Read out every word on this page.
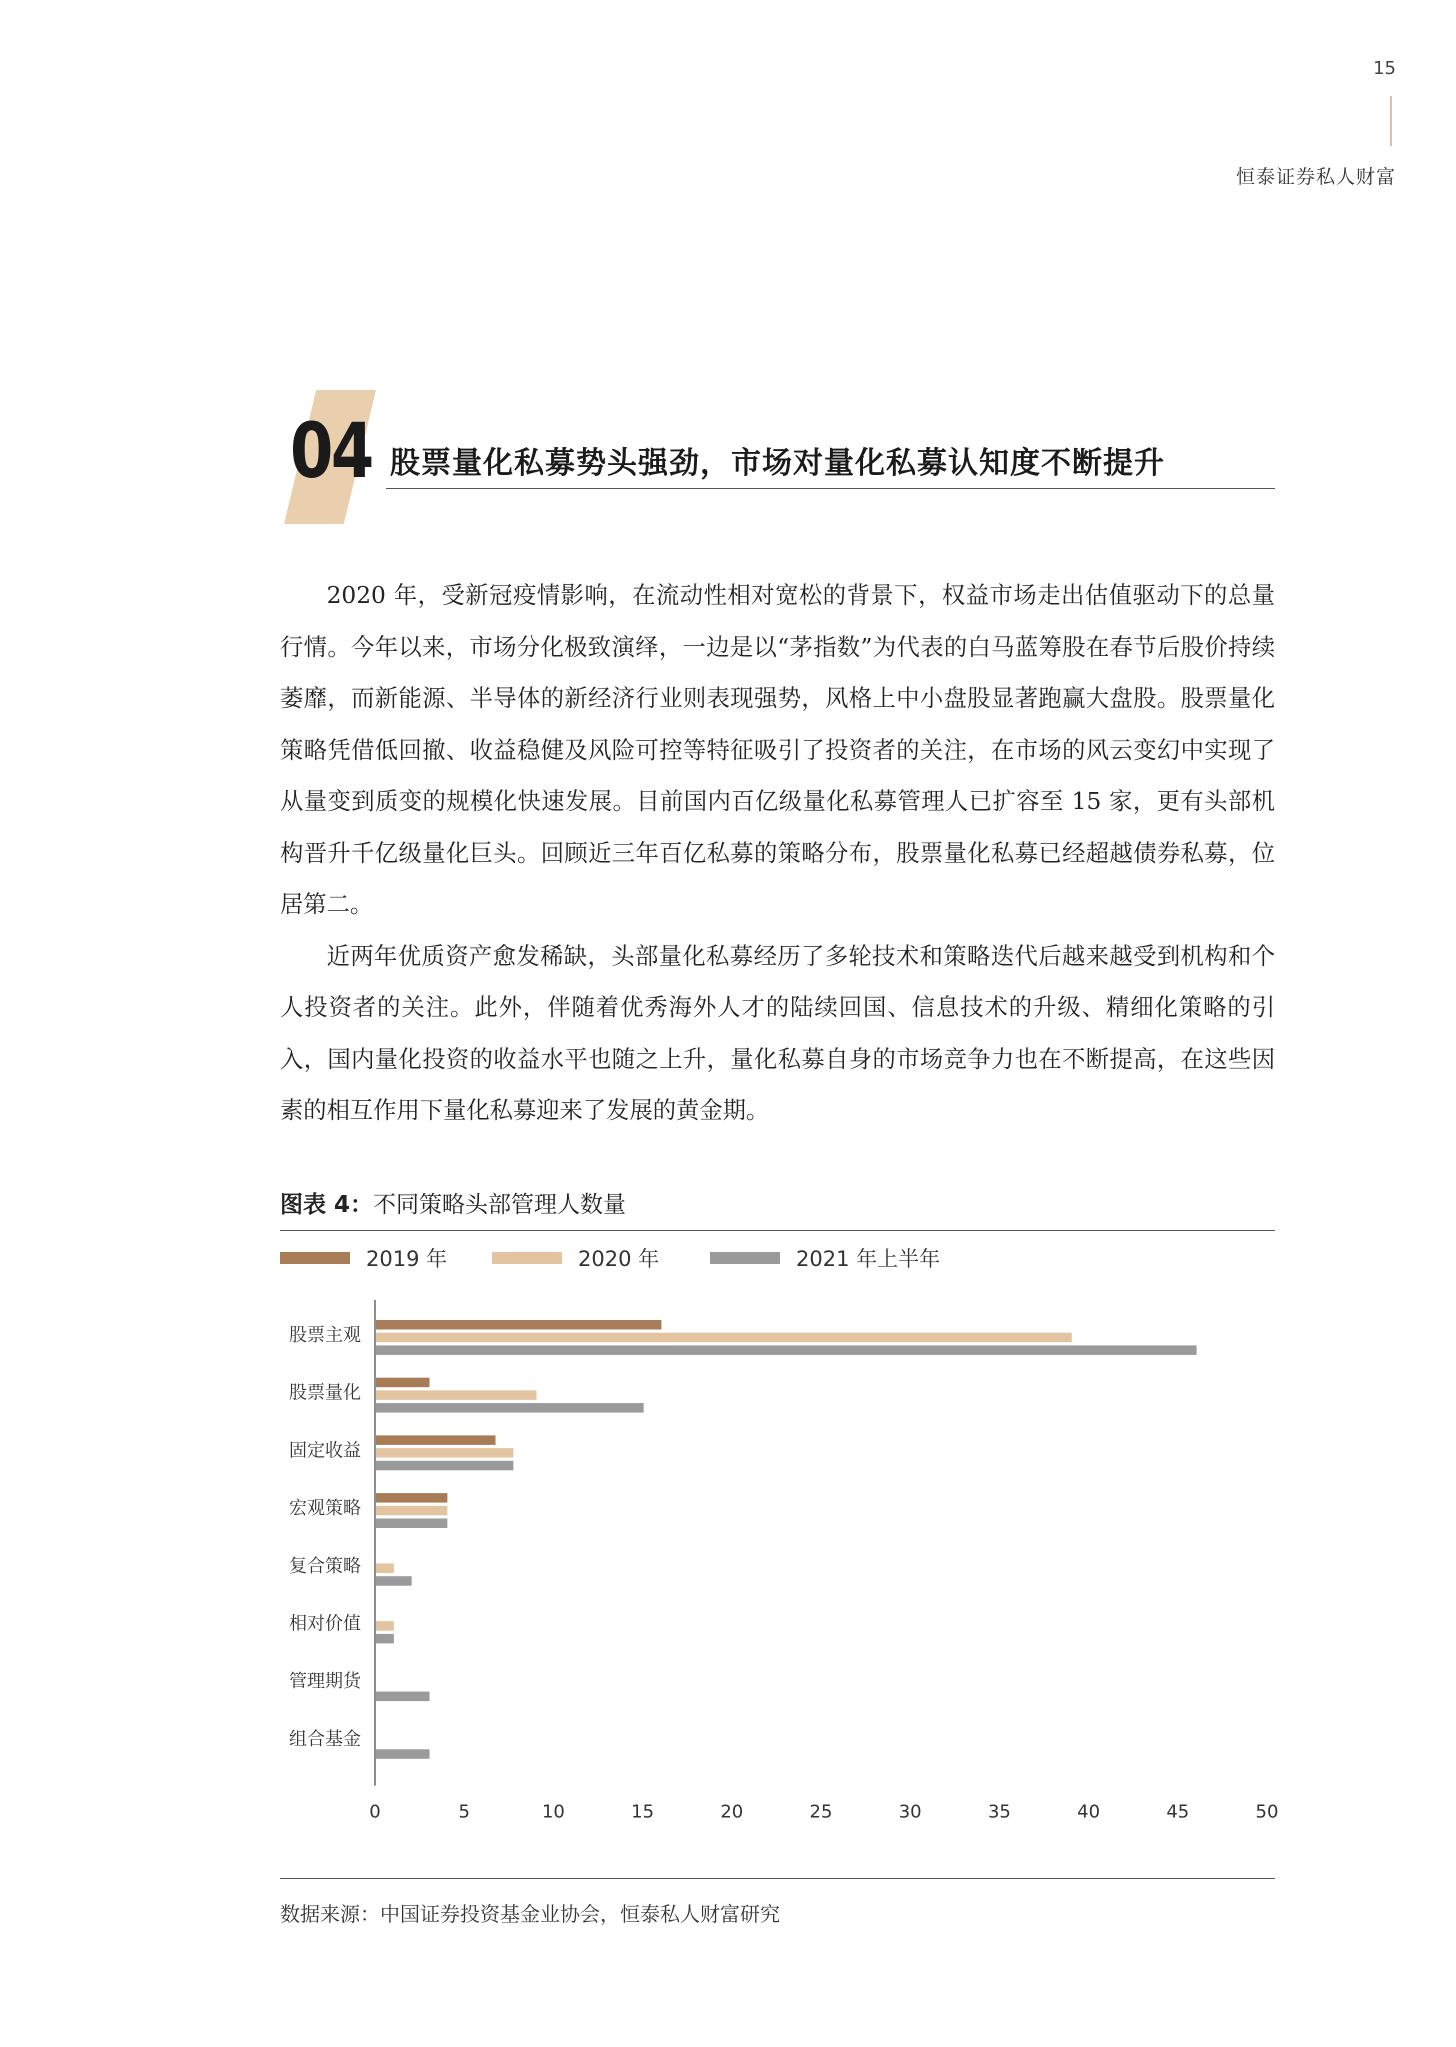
15
恒泰证券私人财富
04 股票量化私募势头强劲，市场对量化私募认知度不断提升

2020 年，受新冠疫情影响，在流动性相对宽松的背景下，权益市场走出估值驱动下的总量行情。今年以来，市场分化极致演绎，一边是以“茅指数”为代表的白马蓝筹股在春节后股价持续萎靡，而新能源、半导体的新经济行业则表现强势，风格上中小盘股显著跑赢大盘股。股票量化策略凭借低回撤、收益稳健及风险可控等特征吸引了投资者的关注，在市场的风云变幻中实现了从量变到质变的规模化快速发展。目前国内百亿级量化私募管理人已扩容至 15 家，更有头部机构晋升千亿级量化巨头。回顾近三年百亿私募的策略分布，股票量化私募已经超越债券私募，位居第二。

近两年优质资产愈发稀缺，头部量化私募经历了多轮技术和策略迭代后越来越受到机构和个人投资者的关注。此外，伴随着优秀海外人才的陆续回国、信息技术的升级、精细化策略的引入，国内量化投资的收益水平也随之上升，量化私募自身的市场竞争力也在不断提高，在这些因素的相互作用下量化私募迎来了发展的黄金期。

图表 4：不同策略头部管理人数量
2019 年	2020 年	2021 年上半年
股票主观
股票量化
固定收益
宏观策略
复合策略
相对价值
管理期货
组合基金
0	5	10	15	20	25	30	35	40	45	50
数据来源：中国证券投资基金业协会，恒泰私人财富研究
